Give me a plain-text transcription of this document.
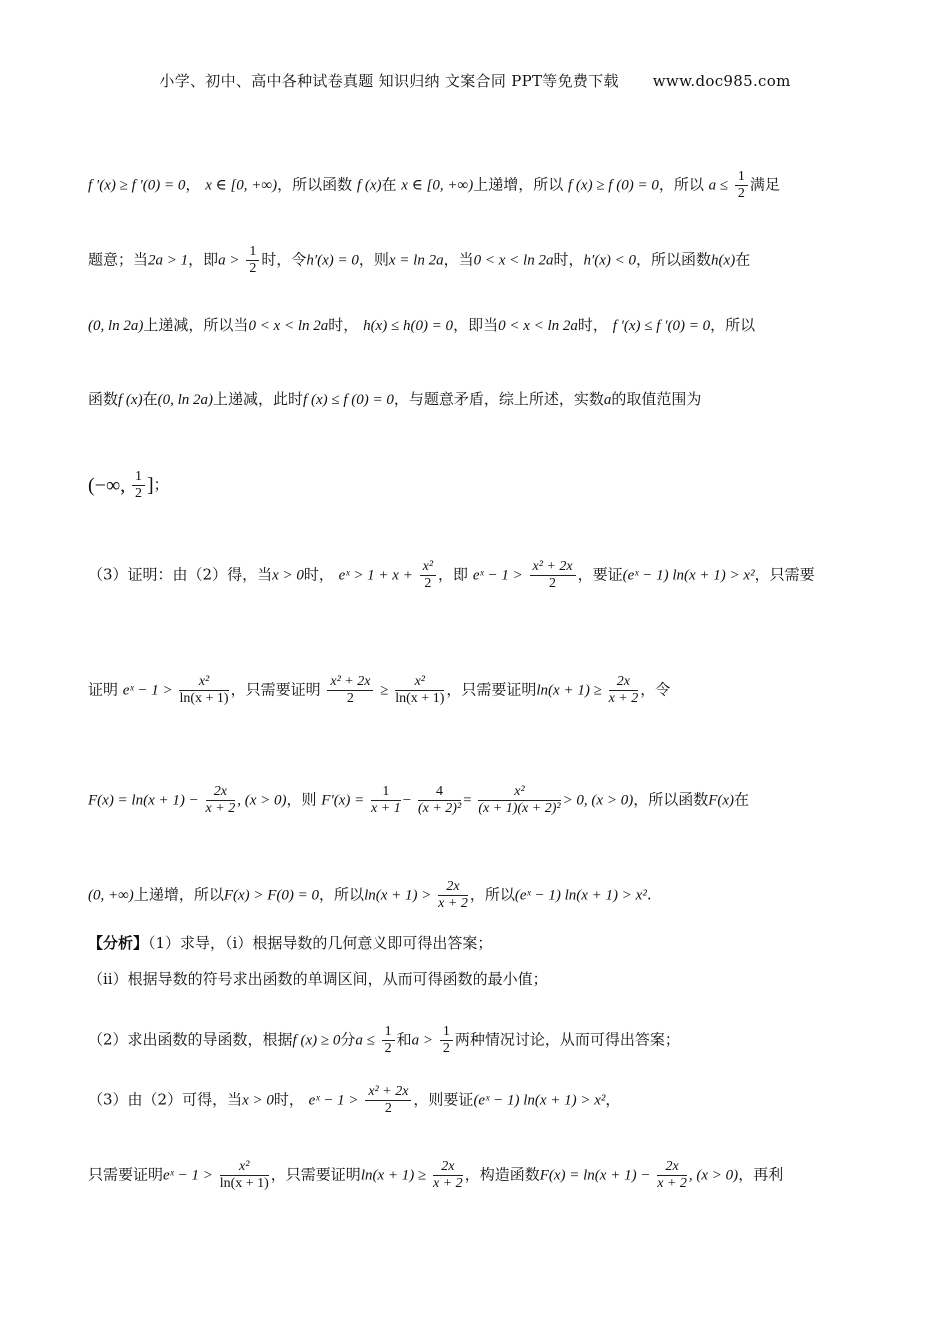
小学、初中、高中各种试卷真题 知识归纳 文案合同 PPT等免费下载 www.doc985.com
f ′(x) ≥ f ′(0) = 0， x ∈ [0, +∞)，所以函数 f (x)在 x ∈ [0, +∞)上递增，所以 f (x) ≥ f (0) = 0，所以 $a \le \frac{1}{2}$ 满足
题意；当2a > 1，即$a > \frac{1}{2}$ 时，令h′(x) = 0，则x = ln 2a，当0 < x < ln 2a时，h′(x) < 0，所以函数h(x)在
(0, ln 2a)上递减，所以当0 < x < ln 2a时， h(x) ≤ h(0) = 0，即当0 < x < ln 2a时， f ′(x) ≤ f ′(0) = 0，所以
函数f (x)在(0, ln 2a)上递减，此时f (x) ≤ f (0) = 0，与题意矛盾，综上所述，实数a的取值范围为
(−∞, $\frac{1}{2}$ ]；
（3）证明：由（2）得，当x > 0时， eˣ > $1 + x + \frac{\text{x²}}{2}$ ，即 eˣ − $1 > \frac{\text{x² + 2x}}{2}$ ，要证(eˣ − 1) ln(x + 1) > x²，只需要
证明 eˣ − $1 > \frac{\text{x²}}{\ln(x + 1)}$ ，只需要证明 $\frac{\text{x² + 2x}}{2} \ge \frac{\text{x²}}{\ln(x + 1)}$ ，只需要证明$\ln(x + 1) \ge \frac{2x}{x + 2}$ ，令
$F(x) = \ln(x + 1) - \frac{2x}{x + 2}$ , (x > 0)，则 $F'(x) = \frac{1}{x + 1} - \frac{4}{\text{(x + 2)²}} = \frac{\text{x²}}{\text{(x + 1)(x + 2)²}} > 0$, (x > 0)，所以函数F(x)在
(0, +∞)上递增，所以F(x) > F(0) = 0，所以$\ln(x + 1) > \frac{2x}{x + 2}$ ，所以(eˣ − 1) ln(x + 1) > x².
【分析】（1）求导，（ⅰ）根据导数的几何意义即可得出答案；
（ⅱ）根据导数的符号求出函数的单调区间，从而可得函数的最小值；
（2）求出函数的导函数，根据f (x) ≥ 0分$a \le \frac{1}{2}$ 和$a > \frac{1}{2}$ 两种情况讨论，从而可得出答案；
（3）由（2）可得，当x > 0时， eˣ − $1 > \frac{\text{x² + 2x}}{2}$ ，则要证(eˣ − 1) ln(x + 1) > x²，
只需要证明eˣ − $1 > \frac{\text{x²}}{\ln(x + 1)}$ ，只需要证明$\ln(x + 1) \ge \frac{2x}{x + 2}$ ，构造函数$F(x) = \ln(x + 1) - \frac{2x}{x + 2}$ , (x > 0)，再利
